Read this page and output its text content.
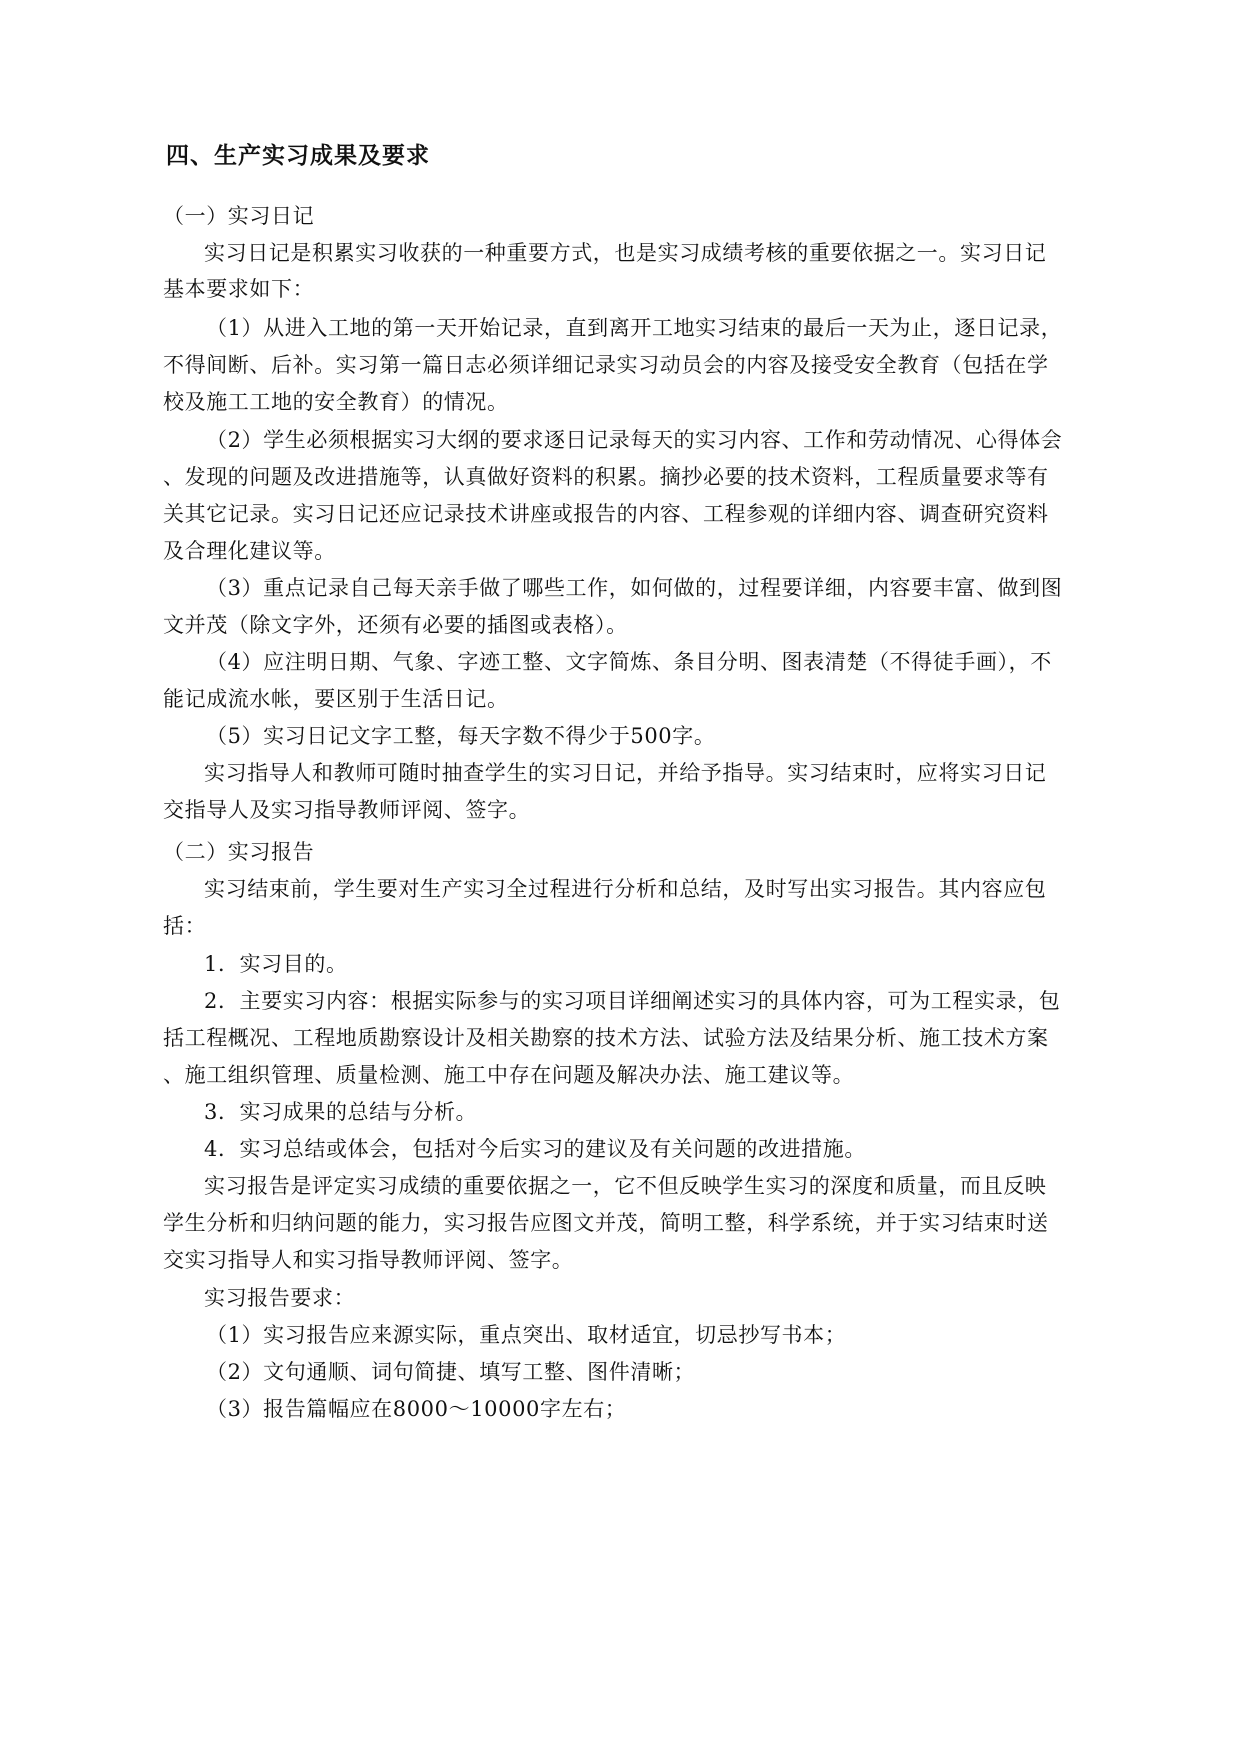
四、生产实习成果及要求
（一）实习日记
实习日记是积累实习收获的一种重要方式，也是实习成绩考核的重要依据之一。实习日记
基本要求如下：
（1）从进入工地的第一天开始记录，直到离开工地实习结束的最后一天为止，逐日记录，
不得间断、后补。实习第一篇日志必须详细记录实习动员会的内容及接受安全教育（包括在学
校及施工工地的安全教育）的情况。
（2）学生必须根据实习大纲的要求逐日记录每天的实习内容、工作和劳动情况、心得体会
、发现的问题及改进措施等，认真做好资料的积累。摘抄必要的技术资料，工程质量要求等有
关其它记录。实习日记还应记录技术讲座或报告的内容、工程参观的详细内容、调查研究资料
及合理化建议等。
（3）重点记录自己每天亲手做了哪些工作，如何做的，过程要详细，内容要丰富、做到图
文并茂（除文字外，还须有必要的插图或表格）。
（4）应注明日期、气象、字迹工整、文字简炼、条目分明、图表清楚（不得徒手画），不
能记成流水帐，要区别于生活日记。
（5）实习日记文字工整，每天字数不得少于500字。
实习指导人和教师可随时抽查学生的实习日记，并给予指导。实习结束时，应将实习日记
交指导人及实习指导教师评阅、签字。
（二）实习报告
实习结束前，学生要对生产实习全过程进行分析和总结，及时写出实习报告。其内容应包
括：
1．实习目的。
2．主要实习内容：根据实际参与的实习项目详细阐述实习的具体内容，可为工程实录，包
括工程概况、工程地质勘察设计及相关勘察的技术方法、试验方法及结果分析、施工技术方案
、施工组织管理、质量检测、施工中存在问题及解决办法、施工建议等。
3．实习成果的总结与分析。
4．实习总结或体会，包括对今后实习的建议及有关问题的改进措施。
实习报告是评定实习成绩的重要依据之一，它不但反映学生实习的深度和质量，而且反映
学生分析和归纳问题的能力，实习报告应图文并茂，简明工整，科学系统，并于实习结束时送
交实习指导人和实习指导教师评阅、签字。
实习报告要求：
（1）实习报告应来源实际，重点突出、取材适宜，切忌抄写书本；
（2）文句通顺、词句简捷、填写工整、图件清晰；
（3）报告篇幅应在8000～10000字左右；
